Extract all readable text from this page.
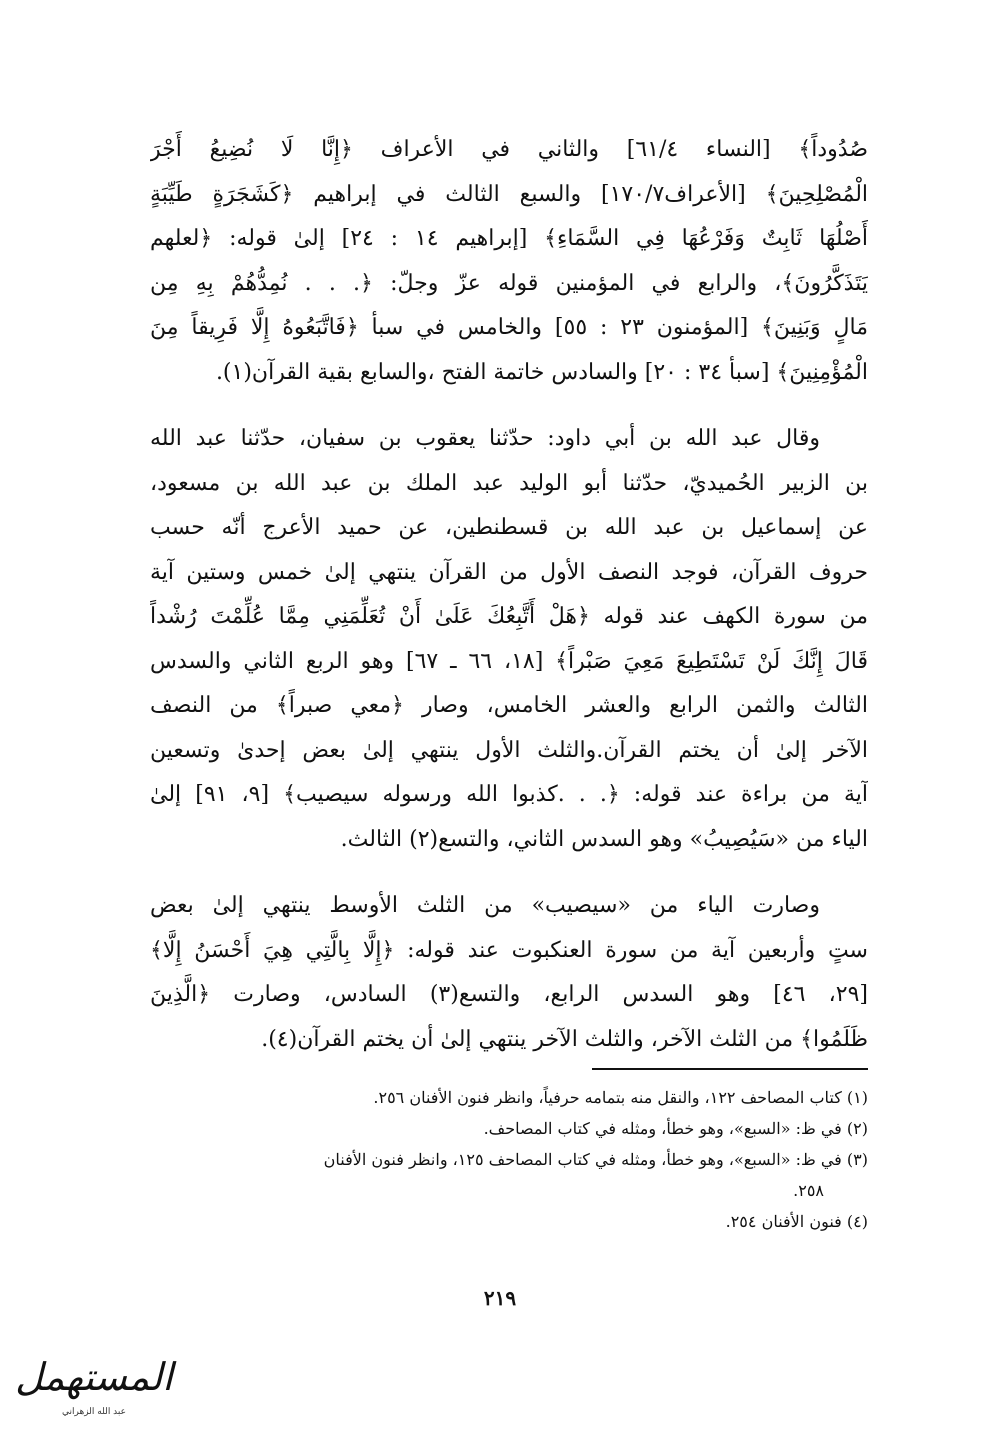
صُدُوداً﴾ [النساء ٦١/٤] والثاني في الأعراف ﴿إِنَّا لَا نُضِيعُ أَجْرَ
الْمُصْلِحِينَ﴾ [الأعراف١٧٠/٧] والسبع الثالث في إبراهيم ﴿كَشَجَرَةٍ طَيِّبَةٍ
أَصْلُهَا ثَابِتٌ وَفَرْعُهَا فِي السَّمَاءِ﴾ [إبراهيم ١٤ : ٢٤] إلىٰ قوله: ﴿لعلهم
يَتَذَكَّرُونَ﴾، والرابع في المؤمنين قوله عزّ وجلّ: ﴿. . . نُمِدُّهُمْ بِهِ مِن
مَالٍ وَبَنِينَ﴾ [المؤمنون ٢٣ : ٥٥] والخامس في سبأ ﴿فَاتَّبَعُوهُ إِلَّا فَرِيقاً مِنَ
الْمُؤْمِنِينَ﴾ [سبأ ٣٤ : ٢٠] والسادس خاتمة الفتح ،والسابع بقية القرآن(١).
وقال عبد الله بن أبي داود: حدّثنا يعقوب بن سفيان، حدّثنا عبد الله
بن الزبير الحُميديّ، حدّثنا أبو الوليد عبد الملك بن عبد الله بن مسعود،
عن إسماعيل بن عبد الله بن قسطنطين، عن حميد الأعرج أنّه حسب
حروف القرآن، فوجد النصف الأول من القرآن ينتهي إلىٰ خمس وستين آية
من سورة الكهف عند قوله ﴿هَلْ أَتَّبِعُكَ عَلَىٰ أَنْ تُعَلِّمَنِي مِمَّا عُلِّمْتَ رُشْداً
قَالَ إِنَّكَ لَنْ تَسْتَطِيعَ مَعِيَ صَبْراً﴾ [١٨، ٦٦ ـ ٦٧] وهو الربع الثاني والسدس
الثالث والثمن الرابع والعشر الخامس، وصار ﴿معي صبراً﴾ من النصف
الآخر إلىٰ أن يختم القرآن.والثلث الأول ينتهي إلىٰ بعض إحدىٰ وتسعين
آية من براءة عند قوله: ﴿. . .كذبوا الله ورسوله سيصيب﴾ [٩، ٩١] إلىٰ
الياء من «سَيُصِيبُ» وهو السدس الثاني، والتسع(٢) الثالث.
وصارت الياء من «سيصيب» من الثلث الأوسط ينتهي إلىٰ بعض
ستٍ وأربعين آية من سورة العنكبوت عند قوله: ﴿إِلَّا بِالَّتِي هِيَ أَحْسَنُ إِلَّا﴾
[٢٩، ٤٦] وهو السدس الرابع، والتسع(٣) السادس، وصارت ﴿الَّذِينَ
ظَلَمُوا﴾ من الثلث الآخر، والثلث الآخر ينتهي إلىٰ أن يختم القرآن(٤).
(١) كتاب المصاحف ١٢٢، والنقل منه بتمامه حرفياً، وانظر فنون الأفنان ٢٥٦.
(٢) في ظ: «السبع»، وهو خطأ، ومثله في كتاب المصاحف.
(٣) في ظ: «السبع»، وهو خطأ، ومثله في كتاب المصاحف ١٢٥، وانظر فنون الأفنان
٢٥٨.
(٤) فنون الأفنان ٢٥٤.
٢١٩
المستهمل
عبد الله الزهراني
